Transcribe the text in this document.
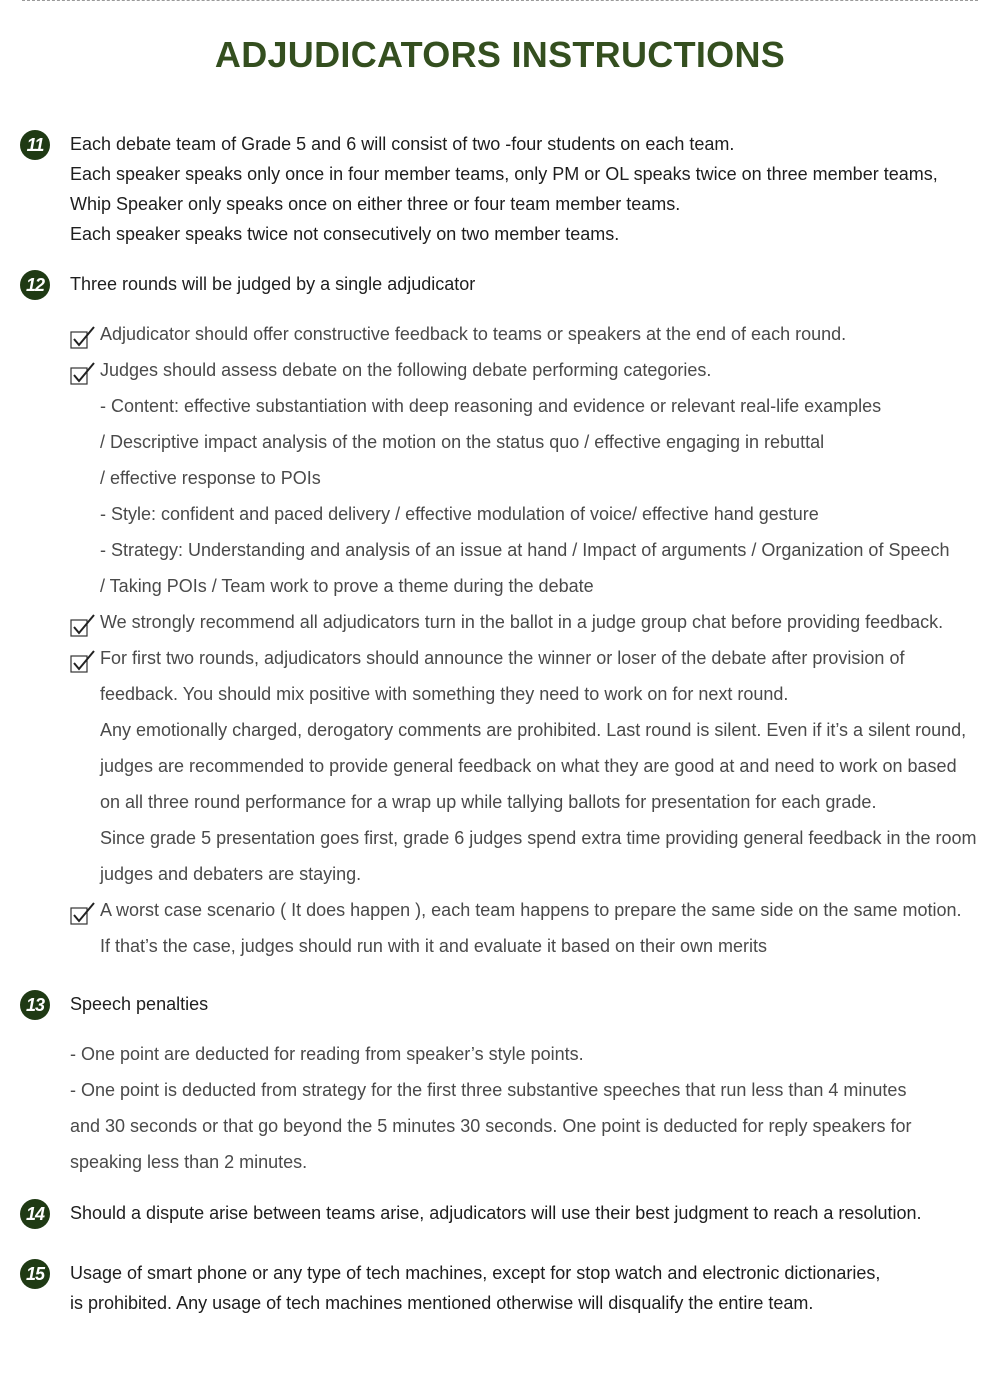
ADJUDICATORS INSTRUCTIONS
11	Each debate team of Grade 5 and 6 will consist of two -four students on each team.
Each speaker speaks only once in four member teams, only PM or OL speaks twice on three member teams,
Whip Speaker only speaks once on either three or four team member teams.
Each speaker speaks twice not consecutively on two member teams.
12	Three rounds will be judged by a single adjudicator
Adjudicator should offer constructive feedback to teams or speakers at the end of each round.
Judges should assess debate on the following debate performing categories.
- Content: effective substantiation with deep reasoning and evidence or relevant real-life examples
/ Descriptive impact analysis of the motion on the status quo / effective engaging in rebuttal
/ effective response to POIs
- Style: confident and paced delivery / effective modulation of voice/ effective hand gesture
- Strategy: Understanding and analysis of an issue at hand / Impact of arguments / Organization of Speech
/ Taking POIs / Team work to prove a theme during the debate
We strongly recommend all adjudicators turn in the ballot in a judge group chat before providing feedback.
For first two rounds, adjudicators should announce the winner or loser of the debate after provision of
feedback. You should mix positive with something they need to work on for next round.
Any emotionally charged, derogatory comments are prohibited. Last round is silent. Even if it’s a silent round,
judges are recommended to provide general feedback on what they are good at and need to work on based
on all three round performance for a wrap up while tallying ballots for presentation for each grade.
Since grade 5 presentation goes first, grade 6 judges spend extra time providing general feedback in the room
judges and debaters are staying.
A worst case scenario ( It does happen ), each team happens to prepare the same side on the same motion.
If that’s the case, judges should run with it and evaluate it based on their own merits
13	Speech penalties
- One point are deducted for reading from speaker’s style points.
- One point is deducted from strategy for the first three substantive speeches that run less than 4 minutes
and 30 seconds or that go beyond the 5 minutes 30 seconds. One point is deducted for reply speakers for
speaking less than 2 minutes.
14	Should a dispute arise between teams arise, adjudicators will use their best judgment to reach a resolution.
15	Usage of smart phone or any type of tech machines, except for stop watch and electronic dictionaries,
is prohibited. Any usage of tech machines mentioned otherwise will disqualify the entire team.
